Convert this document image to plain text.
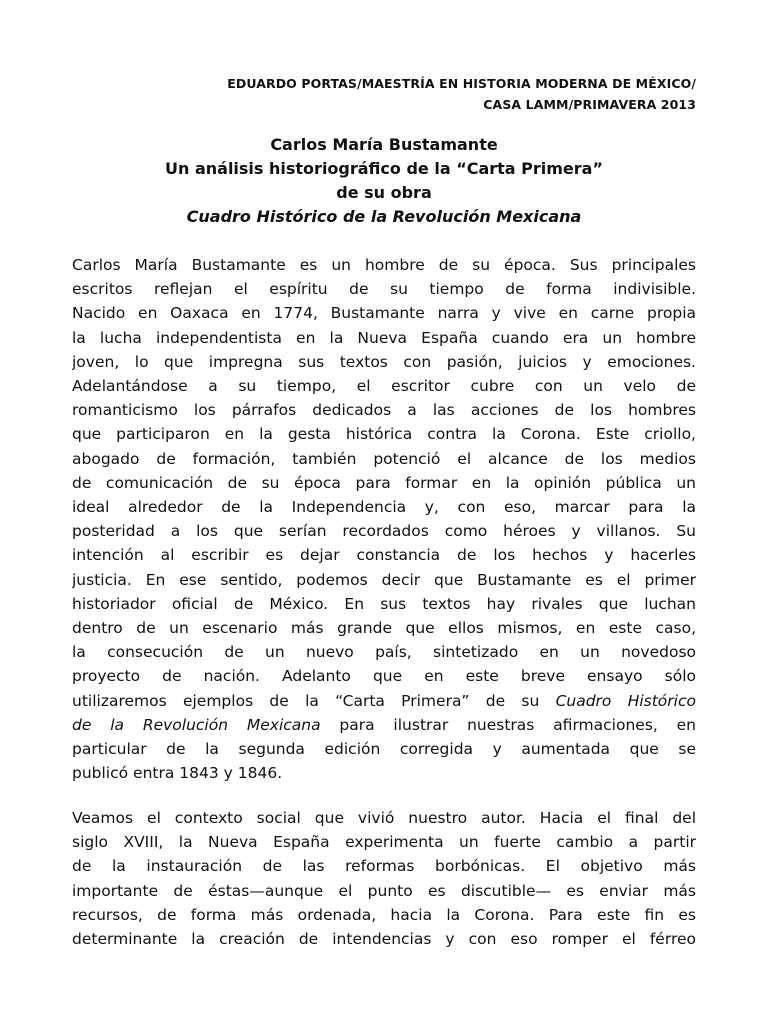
EDUARDO PORTAS/MAESTRÍA EN HISTORIA MODERNA DE MÉXICO/
CASA LAMM/PRIMAVERA 2013
Carlos María Bustamante
Un análisis historiográfico de la “Carta Primera”
de su obra
Cuadro Histórico de la Revolución Mexicana
Carlos María Bustamante es un hombre de su época. Sus principales
escritos reflejan el espíritu de su tiempo de forma indivisible.
Nacido en Oaxaca en 1774, Bustamante narra y vive en carne propia
la lucha independentista en la Nueva España cuando era un hombre
joven, lo que impregna sus textos con pasión, juicios y emociones.
Adelantándose a su tiempo, el escritor cubre con un velo de
romanticismo los párrafos dedicados a las acciones de los hombres
que participaron en la gesta histórica contra la Corona. Este criollo,
abogado de formación, también potenció el alcance de los medios
de comunicación de su época para formar en la opinión pública un
ideal alrededor de la Independencia y, con eso, marcar para la
posteridad a los que serían recordados como héroes y villanos. Su
intención al escribir es dejar constancia de los hechos y hacerles
justicia. En ese sentido, podemos decir que Bustamante es el primer
historiador oficial de México. En sus textos hay rivales que luchan
dentro de un escenario más grande que ellos mismos, en este caso,
la consecución de un nuevo país, sintetizado en un novedoso
proyecto de nación. Adelanto que en este breve ensayo sólo
utilizaremos ejemplos de la “Carta Primera” de su Cuadro Histórico
de la Revolución Mexicana para ilustrar nuestras afirmaciones, en
particular de la segunda edición corregida y aumentada que se
publicó entra 1843 y 1846.
Veamos el contexto social que vivió nuestro autor. Hacia el final del
siglo XVIII, la Nueva España experimenta un fuerte cambio a partir
de la instauración de las reformas borbónicas. El objetivo más
importante de éstas—aunque el punto es discutible— es enviar más
recursos, de forma más ordenada, hacia la Corona. Para este fin es
determinante la creación de intendencias y con eso romper el férreo
